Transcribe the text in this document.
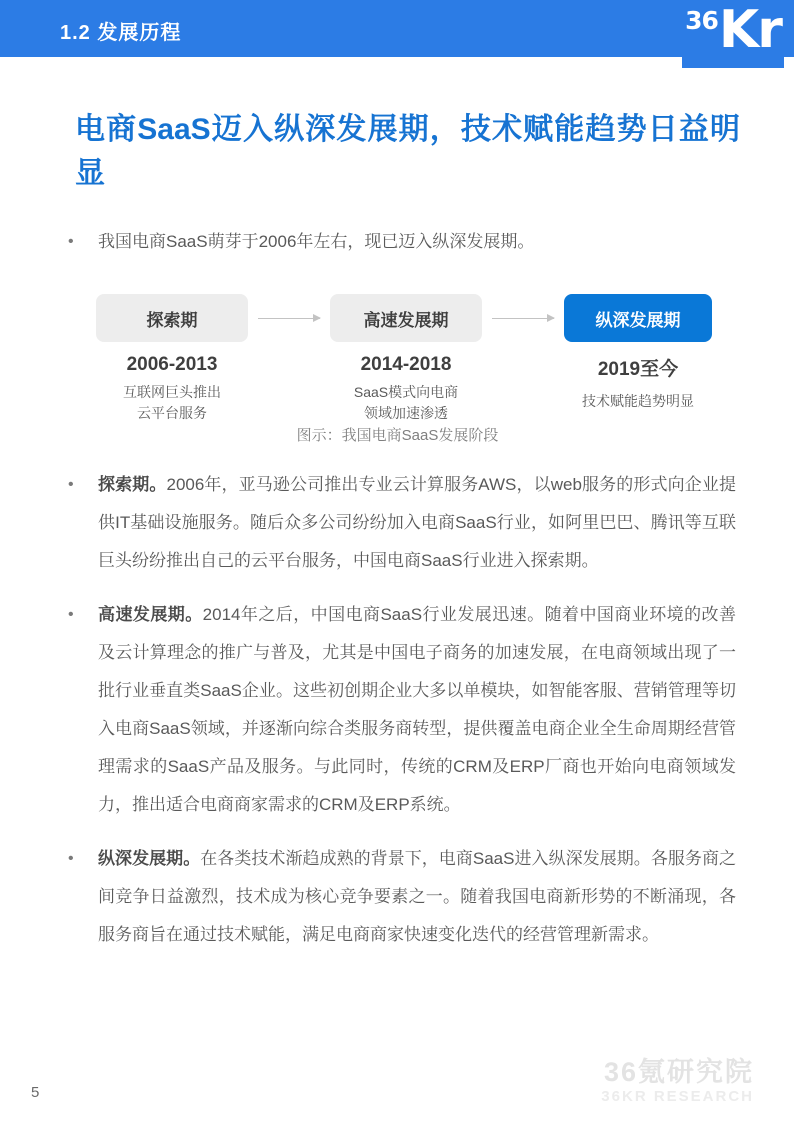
1.2 发展历程	36 Kr
电商SaaS迈入纵深发展期，技术赋能趋势日益明显
•	我国电商SaaS萌芽于2006年左右，现已迈入纵深发展期。
探索期
2006-2013
互联网巨头推出
云平台服务
高速发展期
2014-2018
SaaS模式向电商
领域加速渗透
纵深发展期
2019至今
技术赋能趋势明显
图示：我国电商SaaS发展阶段
•	探索期。2006年，亚马逊公司推出专业云计算服务AWS，以web服务的形式向企业提供IT基础设施服务。随后众多公司纷纷加入电商SaaS行业，如阿里巴巴、腾讯等互联巨头纷纷推出自己的云平台服务，中国电商SaaS行业进入探索期。
•	高速发展期。2014年之后，中国电商SaaS行业发展迅速。随着中国商业环境的改善及云计算理念的推广与普及，尤其是中国电子商务的加速发展，在电商领域出现了一批行业垂直类SaaS企业。这些初创期企业大多以单模块，如智能客服、营销管理等切入电商SaaS领域，并逐渐向综合类服务商转型，提供覆盖电商企业全生命周期经营管理需求的SaaS产品及服务。与此同时，传统的CRM及ERP厂商也开始向电商领域发力，推出适合电商商家需求的CRM及ERP系统。
•	纵深发展期。在各类技术渐趋成熟的背景下，电商SaaS进入纵深发展期。各服务商之间竞争日益激烈，技术成为核心竞争要素之一。随着我国电商新形势的不断涌现，各服务商旨在通过技术赋能，满足电商商家快速变化迭代的经营管理新需求。
5
36氪研究院
36KR RESEARCH
